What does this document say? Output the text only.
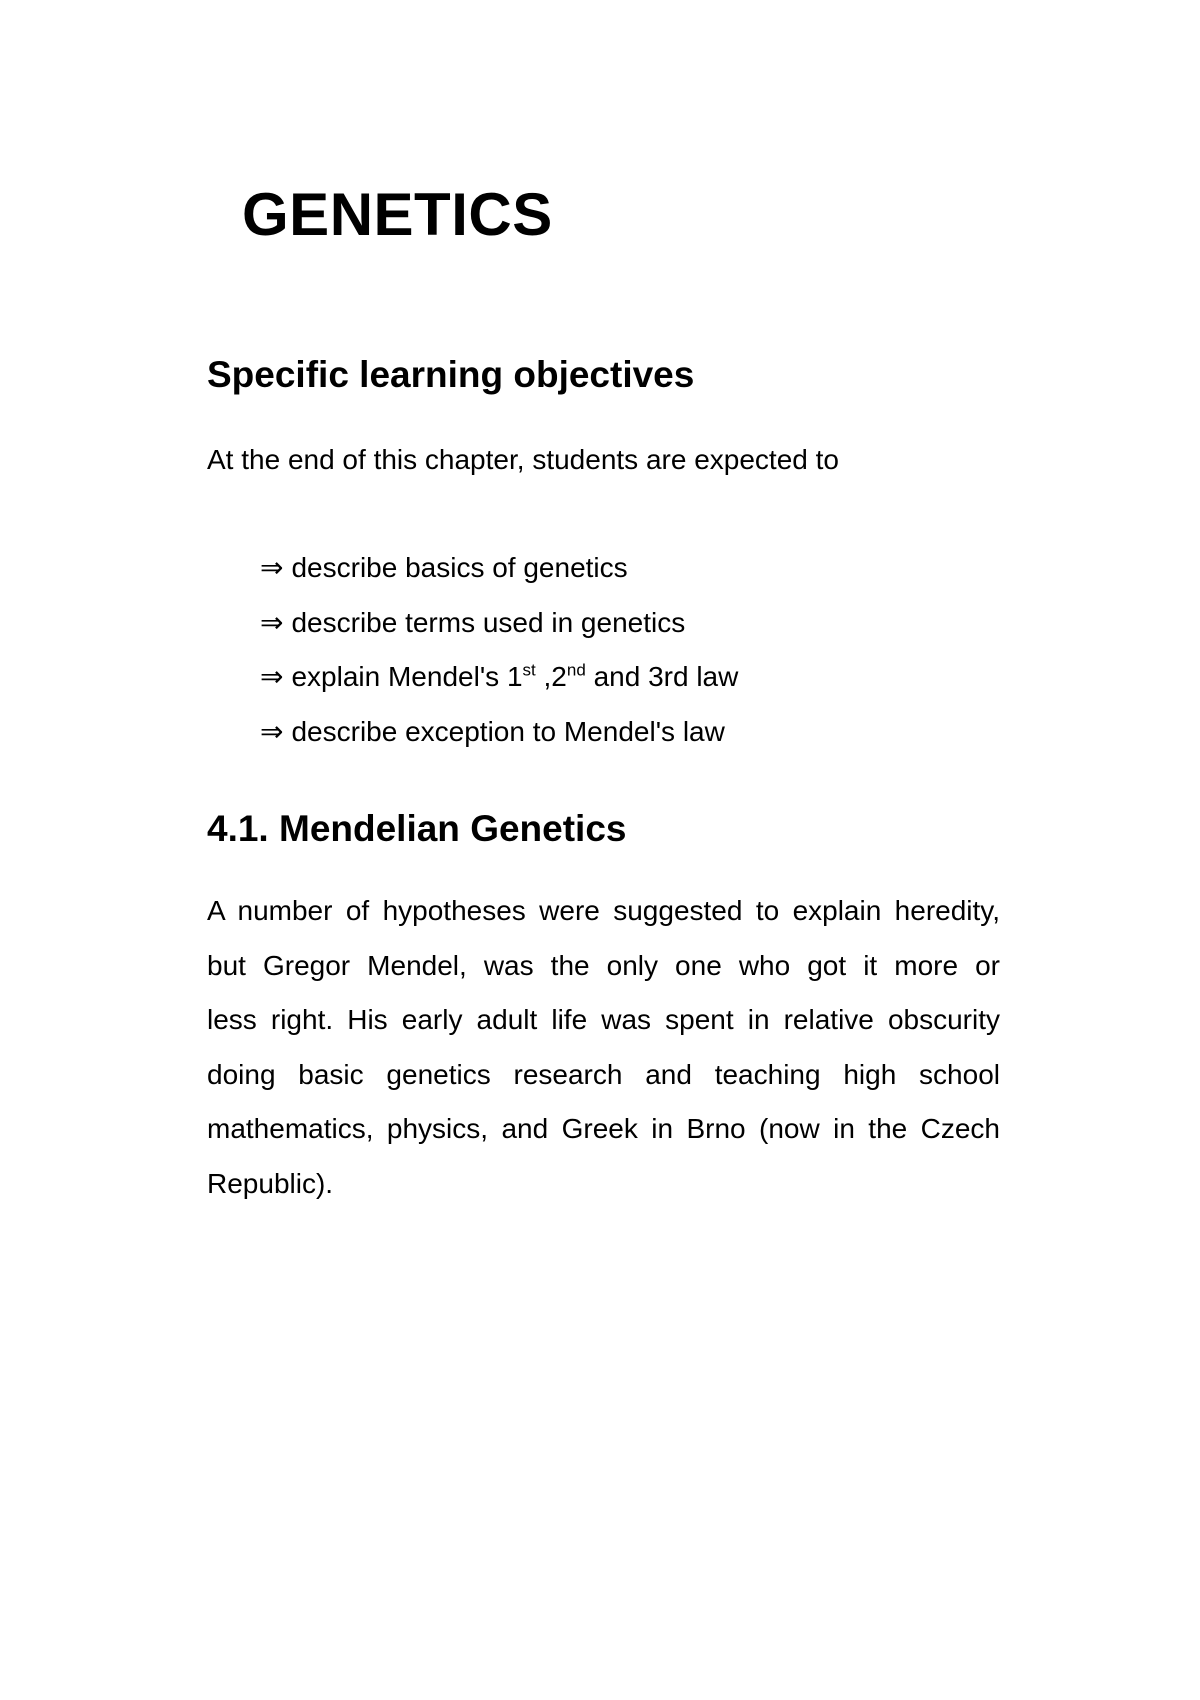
GENETICS
Specific learning objectives

At the end of this chapter, students are expected to

⇒ describe basics of genetics
⇒ describe terms used in genetics
⇒ explain Mendel's 1st ,2nd and 3rd law
⇒ describe exception to Mendel's law
4.1. Mendelian Genetics

A number of hypotheses were suggested to explain heredity, but Gregor Mendel, was the only one who got it more or less right. His early adult life was spent in relative obscurity doing basic genetics research and teaching high school mathematics, physics, and Greek in Brno (now in the Czech Republic).
